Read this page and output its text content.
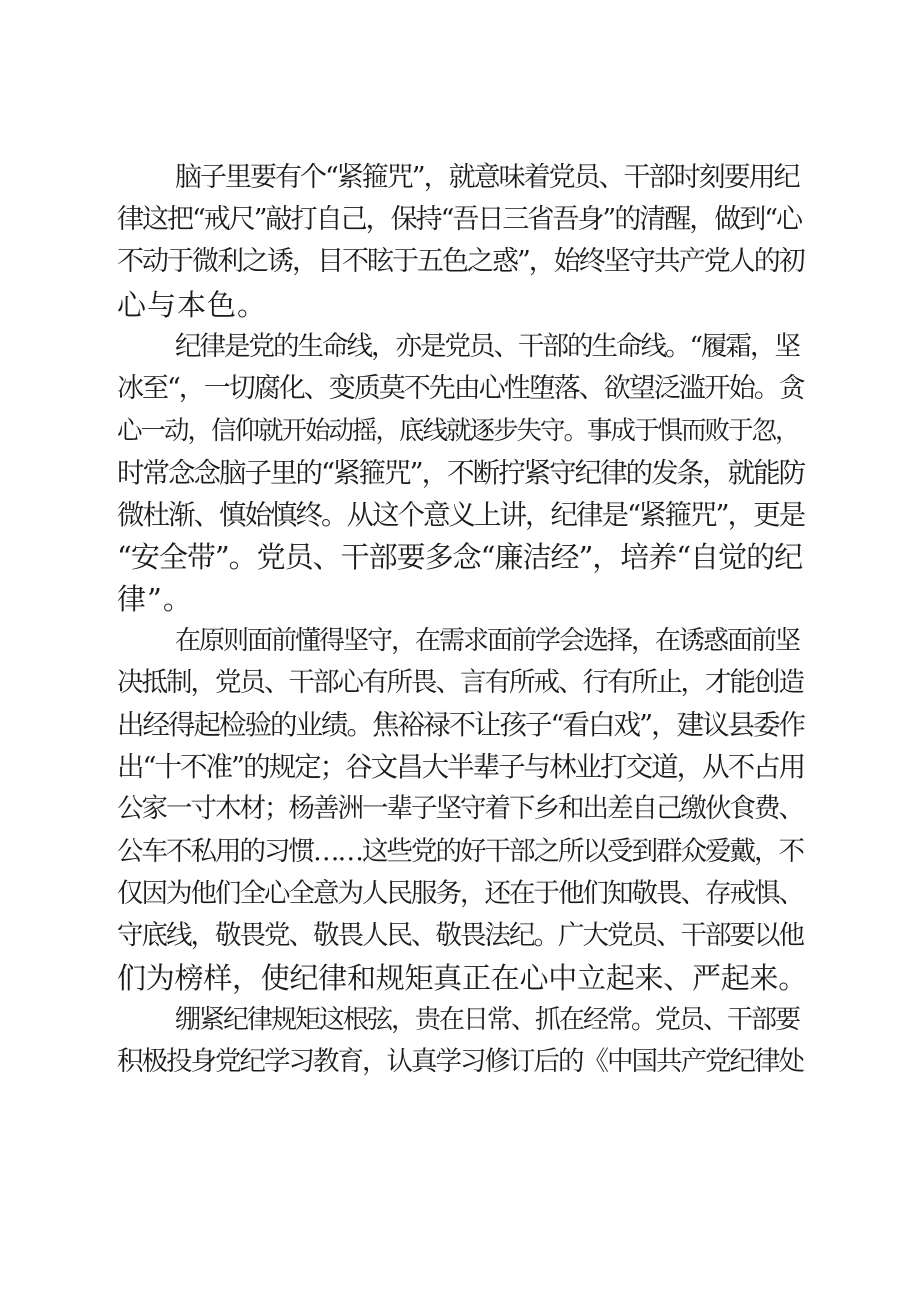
脑子里要有个“紧箍咒”，就意味着党员、干部时刻要用纪
律这把“戒尺”敲打自己，保持“吾日三省吾身”的清醒，做到“心
不动于微利之诱，目不眩于五色之惑”，始终坚守共产党人的初
心与本色。
纪律是党的生命线，亦是党员、干部的生命线。“履霜，坚
冰至“，一切腐化、变质莫不先由心性堕落、欲望泛滥开始。贪
心一动，信仰就开始动摇，底线就逐步失守。事成于惧而败于忽，
时常念念脑子里的“紧箍咒”，不断拧紧守纪律的发条，就能防
微杜渐、慎始慎终。从这个意义上讲，纪律是“紧箍咒”，更是
“安全带”。党员、干部要多念“廉洁经”，培养“自觉的纪
律”。
在原则面前懂得坚守，在需求面前学会选择，在诱惑面前坚
决抵制，党员、干部心有所畏、言有所戒、行有所止，才能创造
出经得起检验的业绩。焦裕禄不让孩子“看白戏”，建议县委作
出“十不准”的规定；谷文昌大半辈子与林业打交道，从不占用
公家一寸木材；杨善洲一辈子坚守着下乡和出差自己缴伙食费、
公车不私用的习惯……这些党的好干部之所以受到群众爱戴，不
仅因为他们全心全意为人民服务，还在于他们知敬畏、存戒惧、
守底线，敬畏党、敬畏人民、敬畏法纪。广大党员、干部要以他
们为榜样，使纪律和规矩真正在心中立起来、严起来。
绷紧纪律规矩这根弦，贵在日常、抓在经常。党员、干部要
积极投身党纪学习教育，认真学习修订后的《中国共产党纪律处
